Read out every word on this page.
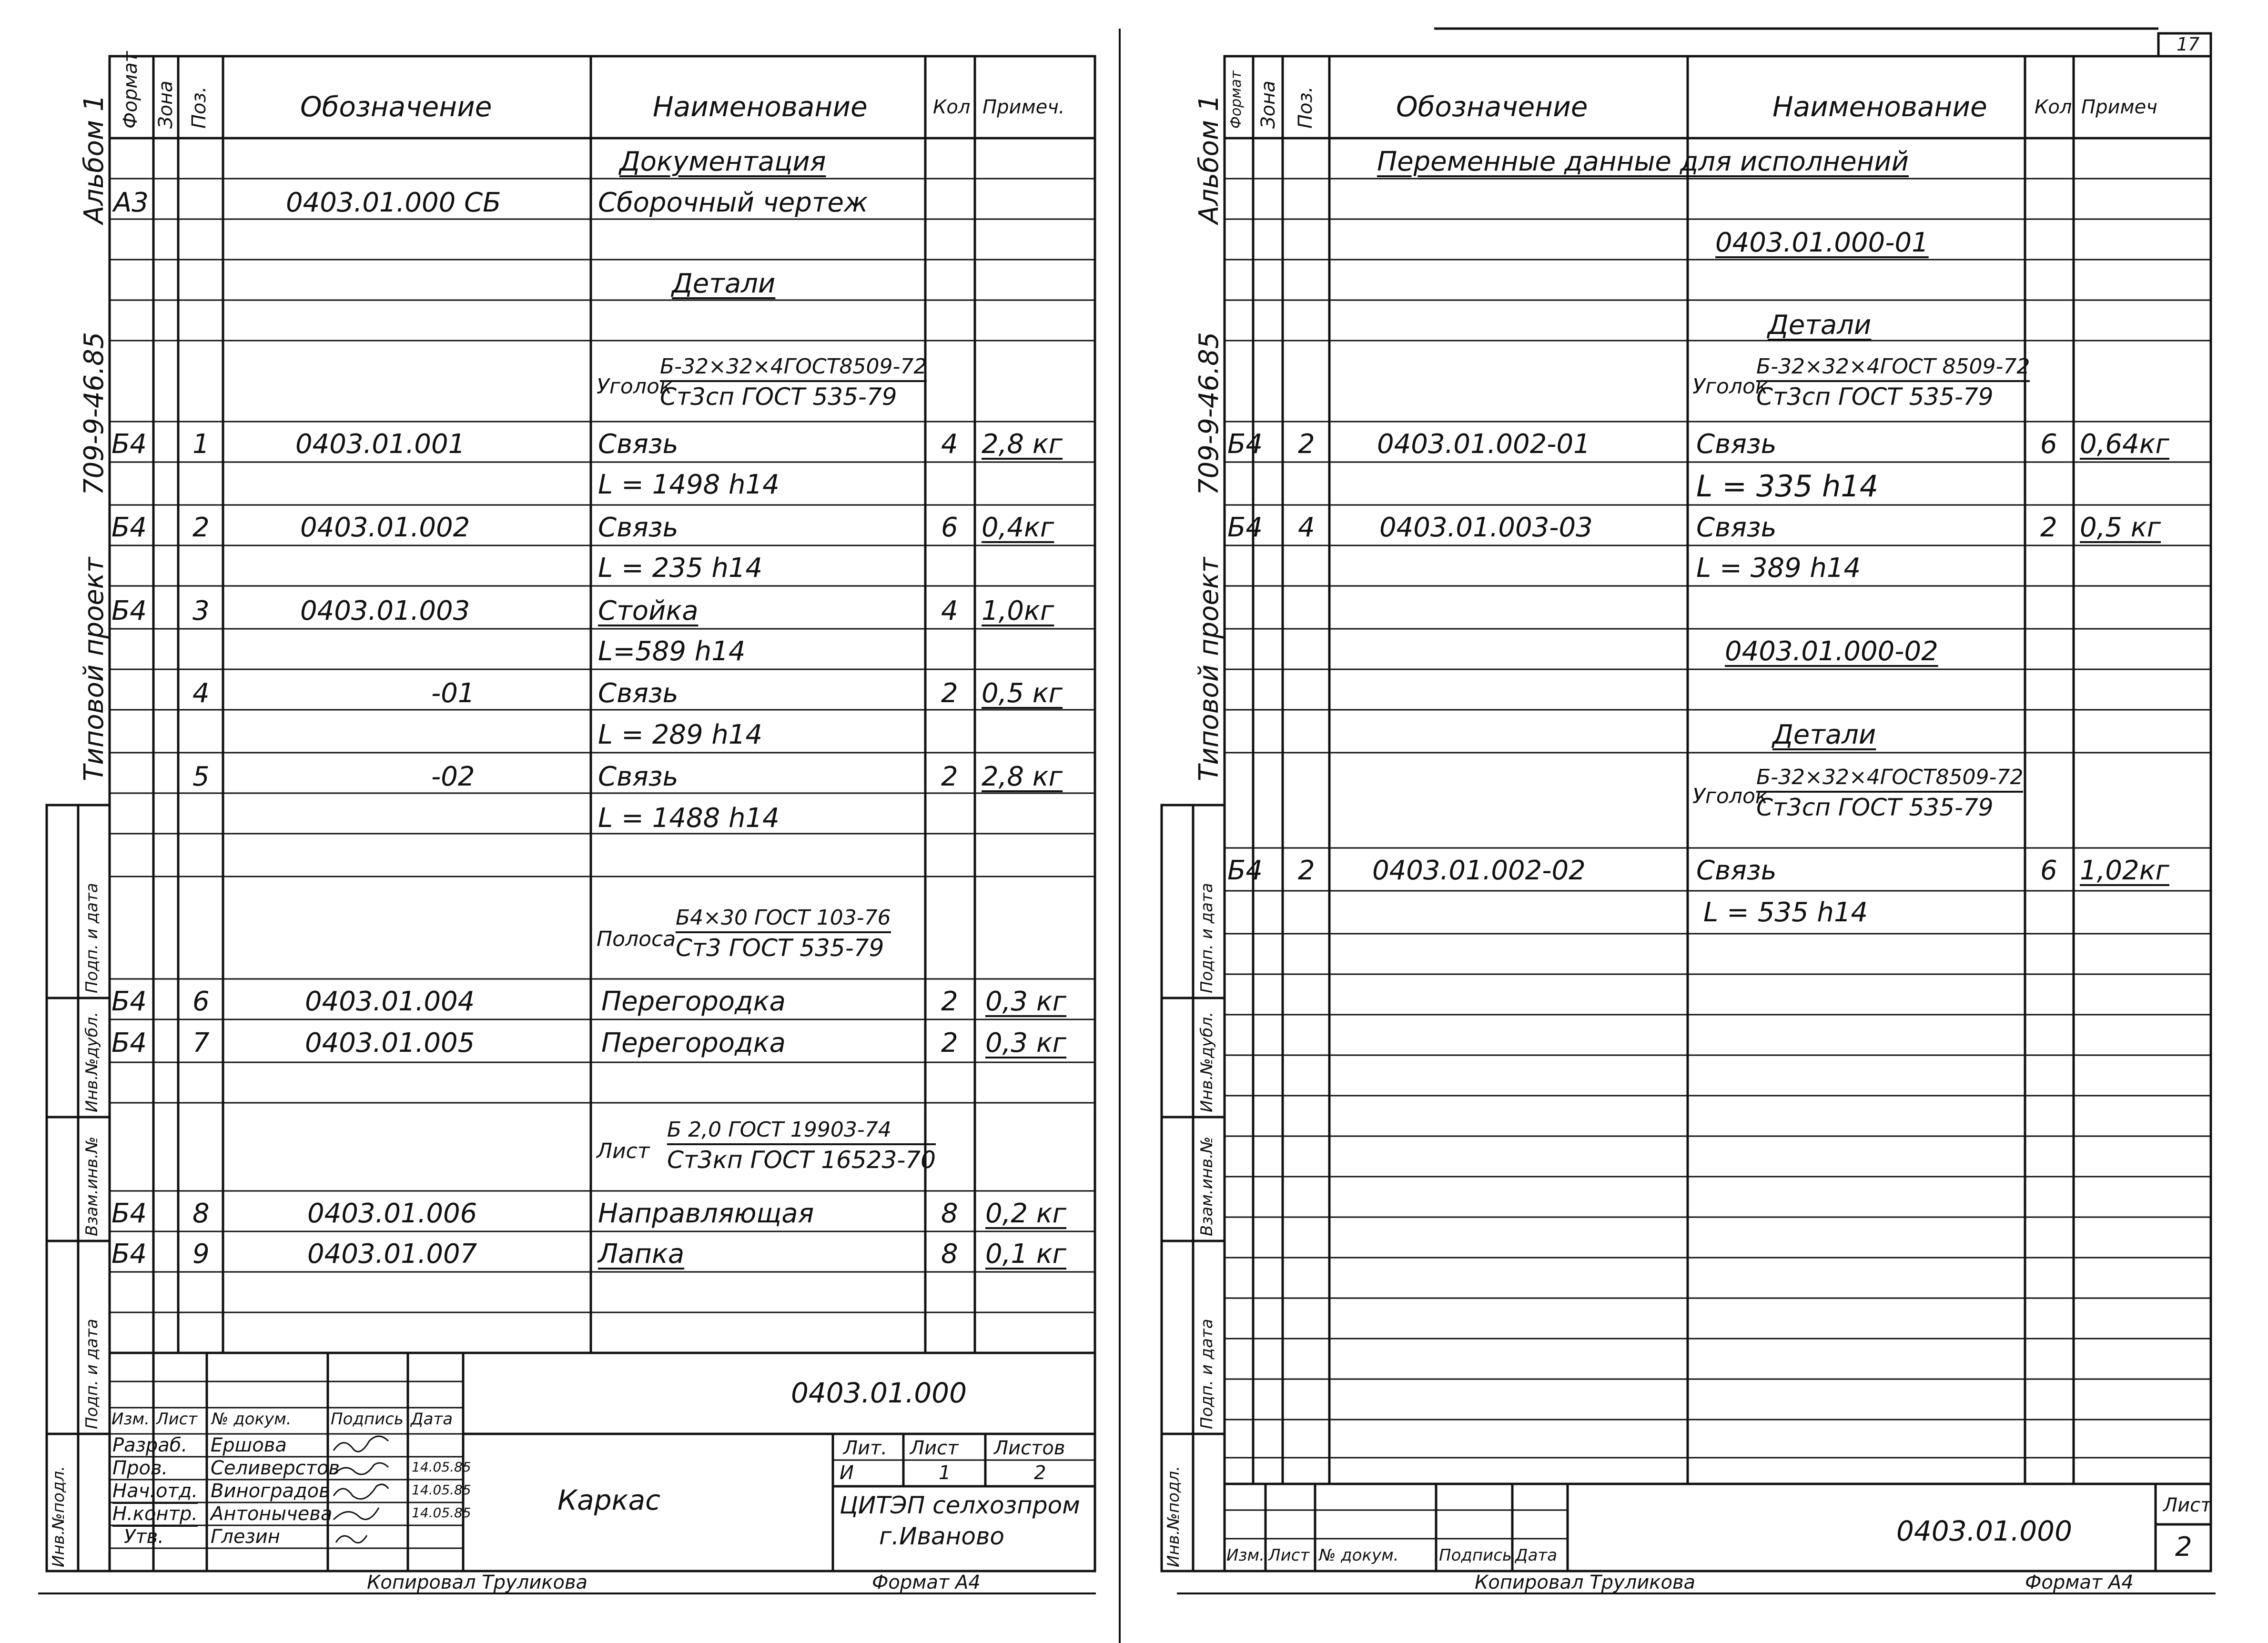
Альбом 1
709-9-46.85
Типовой проект
Инв.№подл.
Подп. и дата
Взам.инв.№
Инв.№дубл.
Подп. и дата
Формат Зона Поз.	Обозначение	Наименование	Кол Примеч.
Документация
А3	0403.01.000 СБ	Сборочный чертеж
Детали
Уголок
Б-32×32×4ГОСТ8509-72
Ст3сп ГОСТ 535-79
Б4 1	0403.01.001	Связь	4 2,8 кг
L = 1498 h14
Б4 2	0403.01.002	Связь	6 0,4кг
L = 235 h14
Б4 3	0403.01.003	Стойка	4 1,0кг
L=589 h14
4	-01	Связь	2 0,5 кг
L = 289 h14
5	-02	Связь	2 2,8 кг
L = 1488 h14
Полоса
Б4×30 ГОСТ 103-76
Ст3 ГОСТ 535-79
Б4 6	0403.01.004	Перегородка	2 0,3 кг
Б4 7	0403.01.005	Перегородка	2 0,3 кг
Лист
Б 2,0 ГОСТ 19903-74
Ст3кп ГОСТ 16523-70
Б4 8	0403.01.006	Направляющая	8 0,2 кг
Б4 9	0403.01.007	Лапка	8 0,1 кг
0403.01.000
Изм. Лист № докум. Подпись Дата
Разраб. Ершова
Пров. Селиверстов	14.05.85
Нач.отд. Виноградов	14.05.85
Н.контр. Антонычева	14.05.85
Утв. Глезин
Каркас
Лит. Лист Листов
И	1	2
ЦИТЭП селхозпром
г.Иваново
Копировал Труликова	Формат А4
17
Альбом 1
709-9-46.85
Типовой проект
Инв.№подл.
Подп. и дата
Взам.инв.№
Инв.№дубл.
Подп. и дата
Формат Зона Поз.	Обозначение	Наименование Кол Примеч
Переменные данные для исполнений
0403.01.000-01
Детали
Уголок
Б-32×32×4ГОСТ 8509-72
Ст3сп ГОСТ 535-79
Б4 2 0403.01.002-01	Связь	6 0,64кг
L = 335 h14
Б4 4 0403.01.003-03	Связь	2 0,5 кг
L = 389 h14
0403.01.000-02
Детали
Уголок
Б-32×32×4ГОСТ8509-72
Ст3сп ГОСТ 535-79
Б4 2 0403.01.002-02	Связь	6 1,02кг
L = 535 h14
Изм. Лист № докум. Подпись Дата
0403.01.000
Лист
2
Копировал Труликова	Формат А4
